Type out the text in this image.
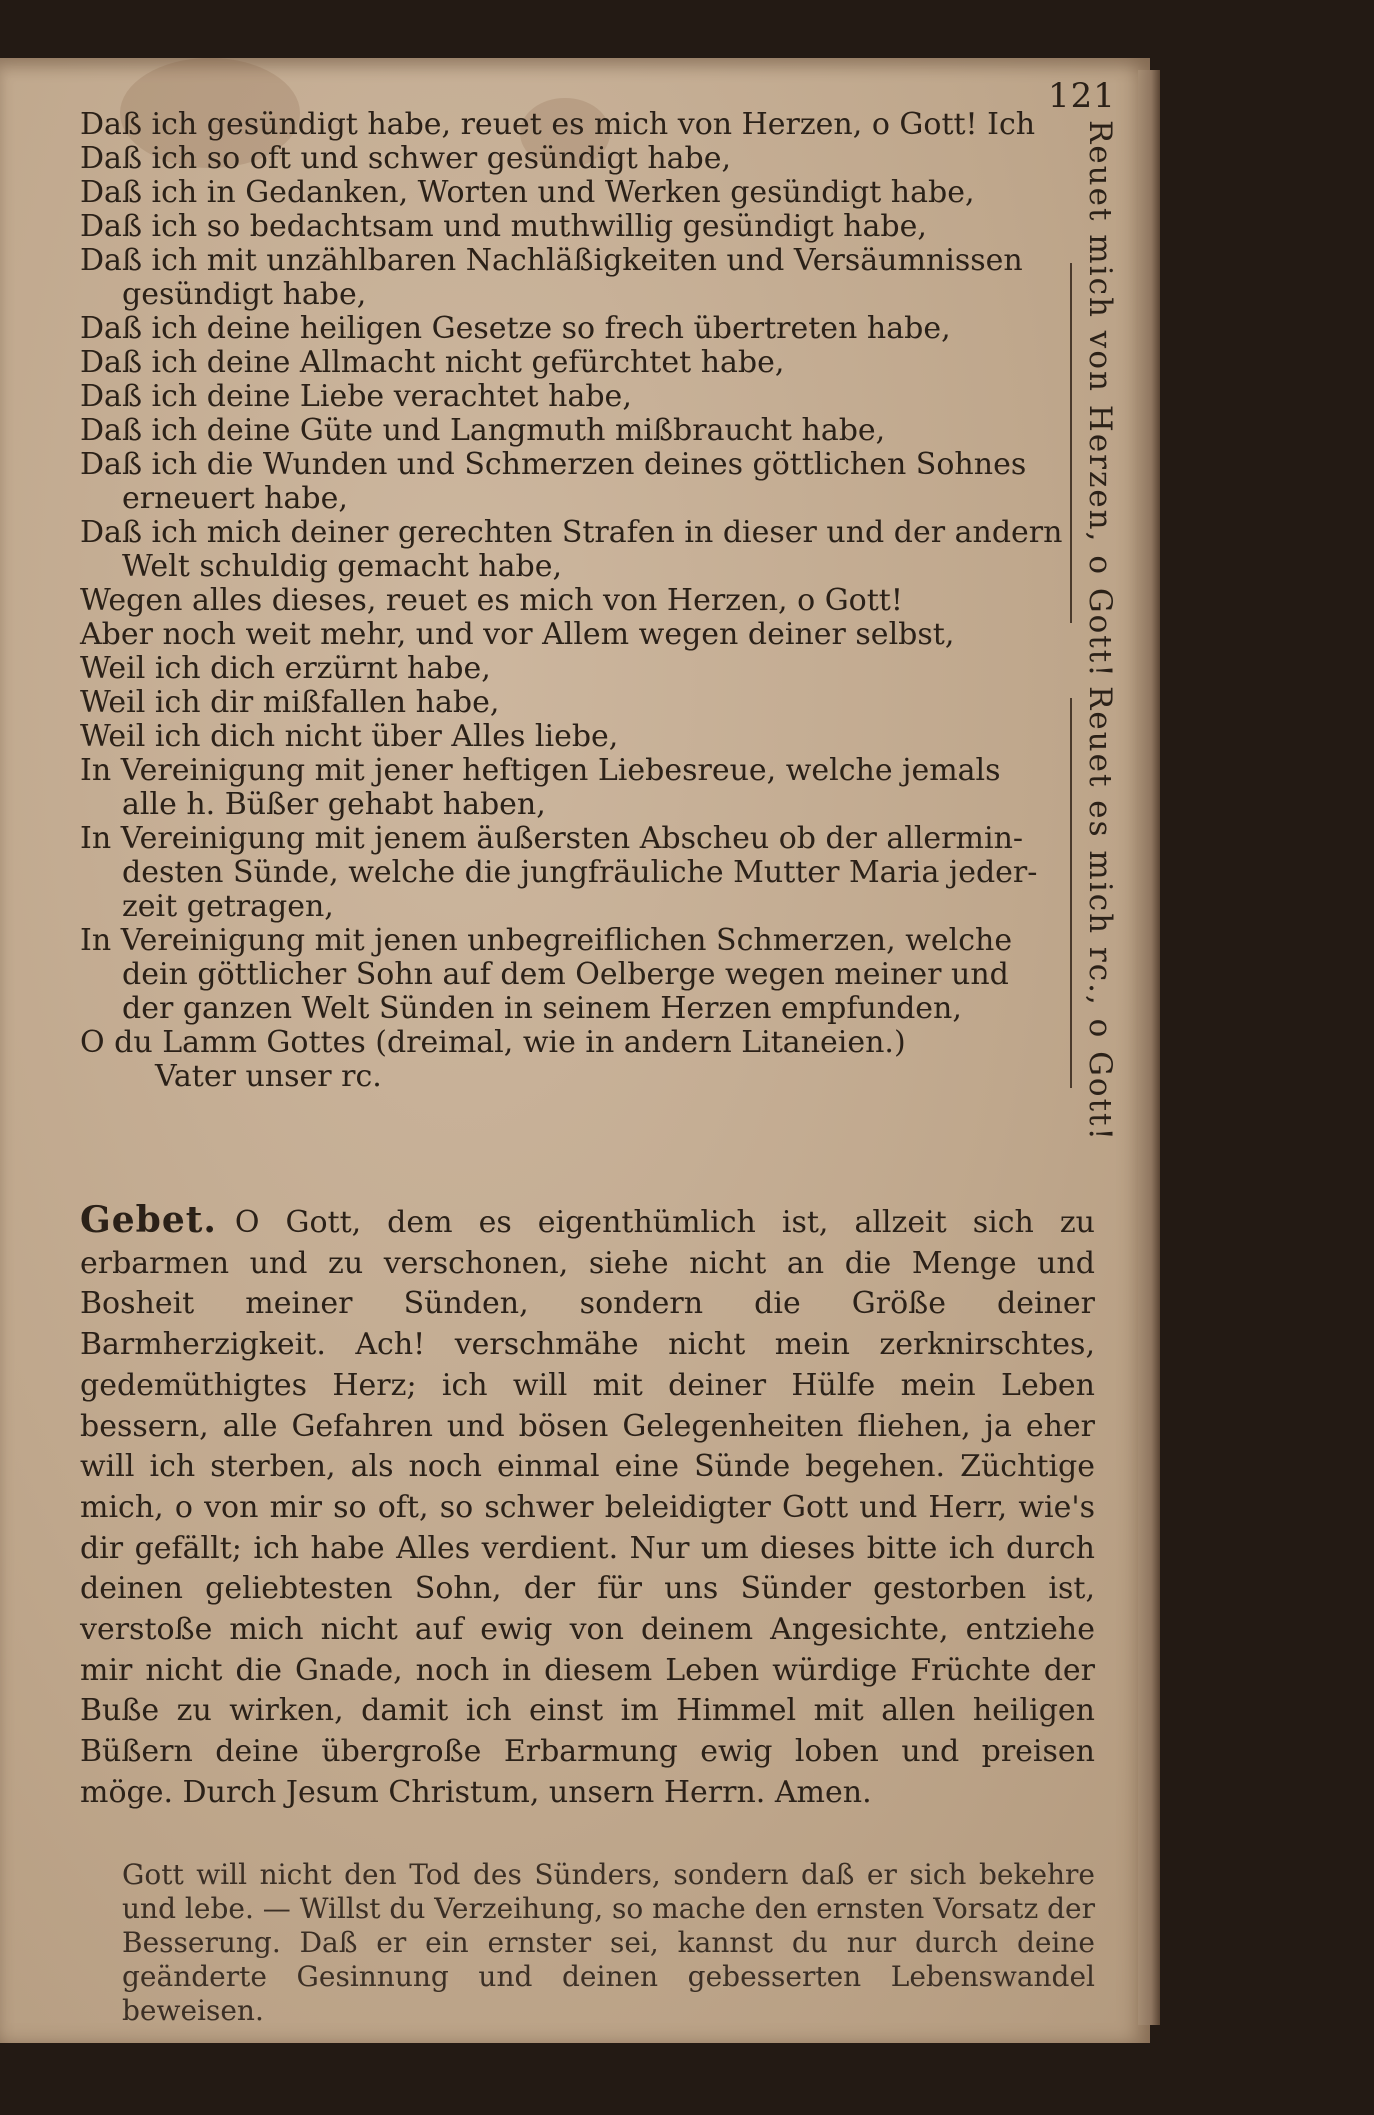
121
Daß ich gesündigt habe, reuet es mich von Herzen, o Gott! Ich
Daß ich so oft und schwer gesündigt habe,
Daß ich in Gedanken, Worten und Werken gesündigt habe,
Daß ich so bedachtsam und muthwillig gesündigt habe,
Daß ich mit unzählbaren Nachläßigkeiten und Versäumnissen
gesündigt habe,
Daß ich deine heiligen Gesetze so frech übertreten habe,
Daß ich deine Allmacht nicht gefürchtet habe,
Daß ich deine Liebe verachtet habe,
Daß ich deine Güte und Langmuth mißbraucht habe,
Daß ich die Wunden und Schmerzen deines göttlichen Sohnes
erneuert habe,
Daß ich mich deiner gerechten Strafen in dieser und der andern
Welt schuldig gemacht habe,
Wegen alles dieses, reuet es mich von Herzen, o Gott!
Aber noch weit mehr, und vor Allem wegen deiner selbst,
Weil ich dich erzürnt habe,
Weil ich dir mißfallen habe,
Weil ich dich nicht über Alles liebe,
In Vereinigung mit jener heftigen Liebesreue, welche jemals
alle h. Büßer gehabt haben,
In Vereinigung mit jenem äußersten Abscheu ob der allermin-
desten Sünde, welche die jungfräuliche Mutter Maria jeder-
zeit getragen,
In Vereinigung mit jenen unbegreiflichen Schmerzen, welche
dein göttlicher Sohn auf dem Oelberge wegen meiner und
der ganzen Welt Sünden in seinem Herzen empfunden,
O du Lamm Gottes (dreimal, wie in andern Litaneien.)
Vater unser rc.
Reuet mich von Herzen, o Gott!
Reuet es mich rc., o Gott!
Gebet. O Gott, dem es eigenthümlich ist, allzeit sich zu erbarmen und zu verschonen, siehe nicht an die Menge und Bosheit meiner Sünden, sondern die Größe deiner Barmherzigkeit. Ach! verschmähe nicht mein zerknirschtes, gedemüthigtes Herz; ich will mit deiner Hülfe mein Leben bessern, alle Gefahren und bösen Gelegenheiten fliehen, ja eher will ich sterben, als noch einmal eine Sünde begehen. Züchtige mich, o von mir so oft, so schwer beleidigter Gott und Herr, wie's dir gefällt; ich habe Alles verdient. Nur um dieses bitte ich durch deinen geliebtesten Sohn, der für uns Sünder gestorben ist, verstoße mich nicht auf ewig von deinem Angesichte, entziehe mir nicht die Gnade, noch in diesem Leben würdige Früchte der Buße zu wirken, damit ich einst im Himmel mit allen heiligen Büßern deine übergroße Erbarmung ewig loben und preisen möge. Durch Jesum Christum, unsern Herrn. Amen.
Gott will nicht den Tod des Sünders, sondern daß er sich bekehre und lebe. — Willst du Verzeihung, so mache den ernsten Vorsatz der Besserung. Daß er ein ernster sei, kannst du nur durch deine geänderte Gesinnung und deinen gebesserten Lebenswandel beweisen.
